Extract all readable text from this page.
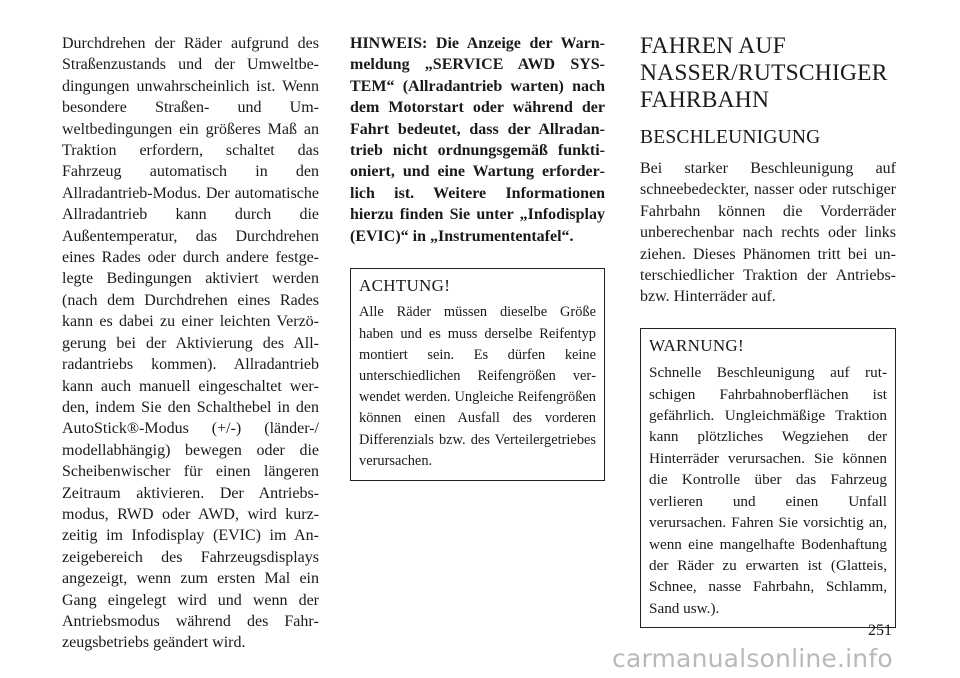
Durchdrehen der Räder aufgrund des Straßenzustands und der Umweltbedingungen unwahrscheinlich ist. Wenn besondere Straßen- und Umweltbedingungen ein größeres Maß an Traktion erfordern, schaltet das Fahrzeug automatisch in den Allradantrieb-Modus. Der automatische Allradantrieb kann durch die Außentemperatur, das Durchdrehen eines Rades oder durch andere festgelegte Bedingungen aktiviert werden (nach dem Durchdrehen eines Rades kann es dabei zu einer leichten Verzögerung bei der Aktivierung des Allradantriebs kommen). Allradantrieb kann auch manuell eingeschaltet werden, indem Sie den Schalthebel in den AutoStick®-Modus (+/-) (länder-/ modellabhängig) bewegen oder die Scheibenwischer für einen längeren Zeitraum aktivieren. Der Antriebsmodus, RWD oder AWD, wird kurzzeitig im Infodisplay (EVIC) im Anzeigebereich des Fahrzeugsdisplays angezeigt, wenn zum ersten Mal ein Gang eingelegt wird und wenn der Antriebsmodus während des Fahrzeugsbetriebs geändert wird.

HINWEIS: Die Anzeige der Warnmeldung „SERVICE AWD SYSTEM“ (Allradantrieb warten) nach dem Motorstart oder während der Fahrt bedeutet, dass der Allradantrieb nicht ordnungsgemäß funktioniert, und eine Wartung erforderlich ist. Weitere Informationen hierzu finden Sie unter „Infodisplay (EVIC)“ in „Instrumententafel“.

ACHTUNG!

Alle Räder müssen dieselbe Größe haben und es muss derselbe Reifentyp montiert sein. Es dürfen keine unterschiedlichen Reifengrößen verwendet werden. Ungleiche Reifengrößen können einen Ausfall des vorderen Differenzials bzw. des Verteilergetriebes verursachen.

FAHREN AUF NASSER/RUTSCHIGER FAHRBAHN
BESCHLEUNIGUNG

Bei starker Beschleunigung auf schneebedeckter, nasser oder rutschiger Fahrbahn können die Vorderräder unberechenbar nach rechts oder links ziehen. Dieses Phänomen tritt bei unterschiedlicher Traktion der Antriebs- bzw. Hinterräder auf.

WARNUNG!

Schnelle Beschleunigung auf rutschigen Fahrbahnoberflächen ist gefährlich. Ungleichmäßige Traktion kann plötzliches Wegziehen der Hinterräder verursachen. Sie können die Kontrolle über das Fahrzeug verlieren und einen Unfall verursachen. Fahren Sie vorsichtig an, wenn eine mangelhafte Bodenhaftung der Räder zu erwarten ist (Glatteis, Schnee, nasse Fahrbahn, Schlamm, Sand usw.).

251
carmanualsonline.info
